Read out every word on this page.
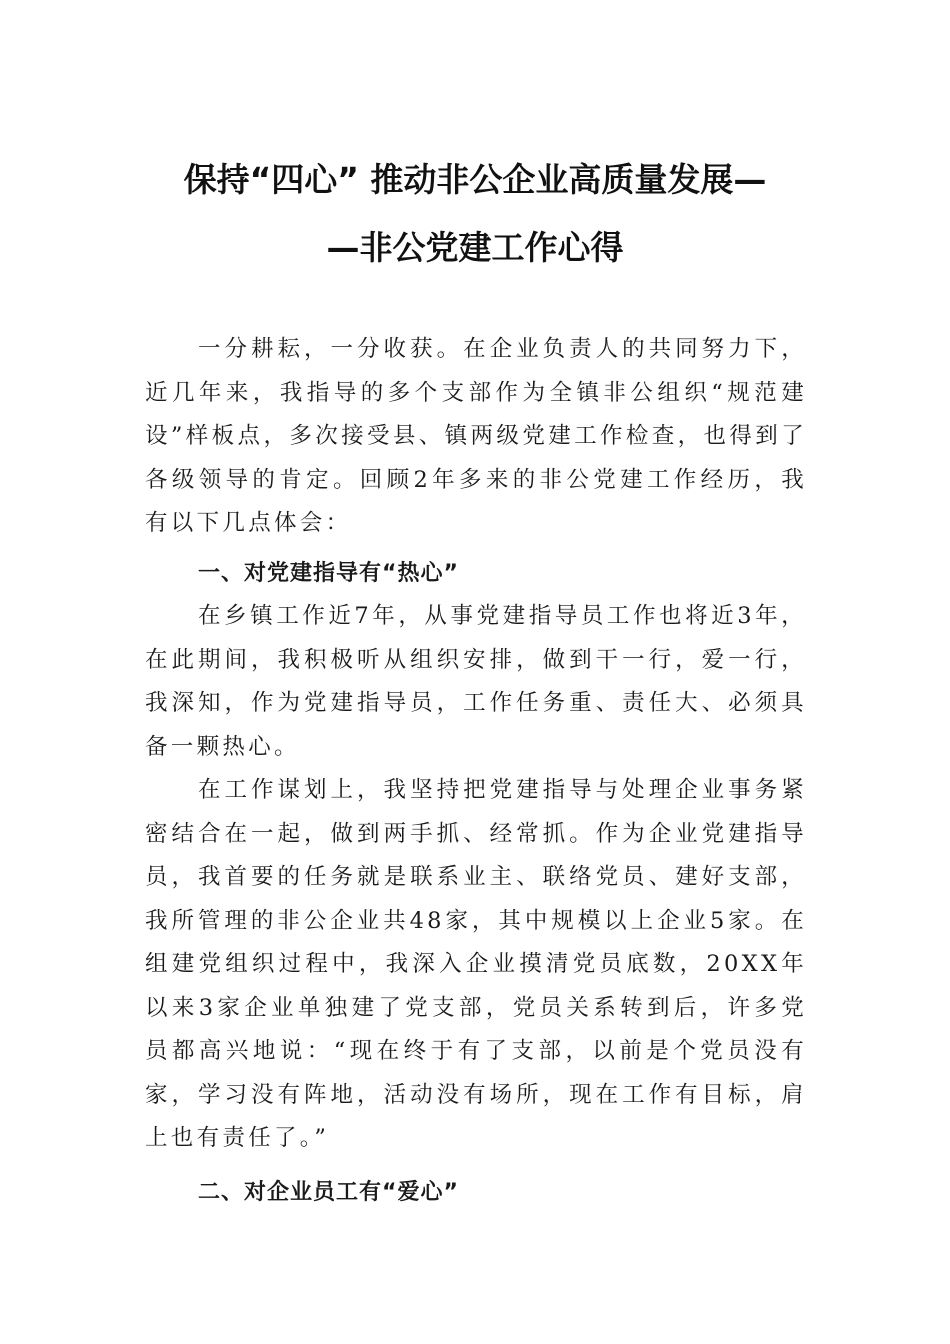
保持“四心” 推动非公企业高质量发展—
—非公党建工作心得

一分耕耘，一分收获。在企业负责人的共同努力下，近几年来，我指导的多个支部作为全镇非公组织“规范建设”样板点，多次接受县、镇两级党建工作检查，也得到了各级领导的肯定。回顾2年多来的非公党建工作经历，我有以下几点体会：

一、对党建指导有“热心”

在乡镇工作近7年，从事党建指导员工作也将近3年，在此期间，我积极听从组织安排，做到干一行，爱一行，我深知，作为党建指导员，工作任务重、责任大、必须具备一颗热心。

在工作谋划上，我坚持把党建指导与处理企业事务紧密结合在一起，做到两手抓、经常抓。作为企业党建指导员，我首要的任务就是联系业主、联络党员、建好支部，我所管理的非公企业共48家，其中规模以上企业5家。在组建党组织过程中，我深入企业摸清党员底数，20XX年以来3家企业单独建了党支部，党员关系转到后，许多党员都高兴地说：“现在终于有了支部，以前是个党员没有家，学习没有阵地，活动没有场所，现在工作有目标，肩上也有责任了。”

二、对企业员工有“爱心”
